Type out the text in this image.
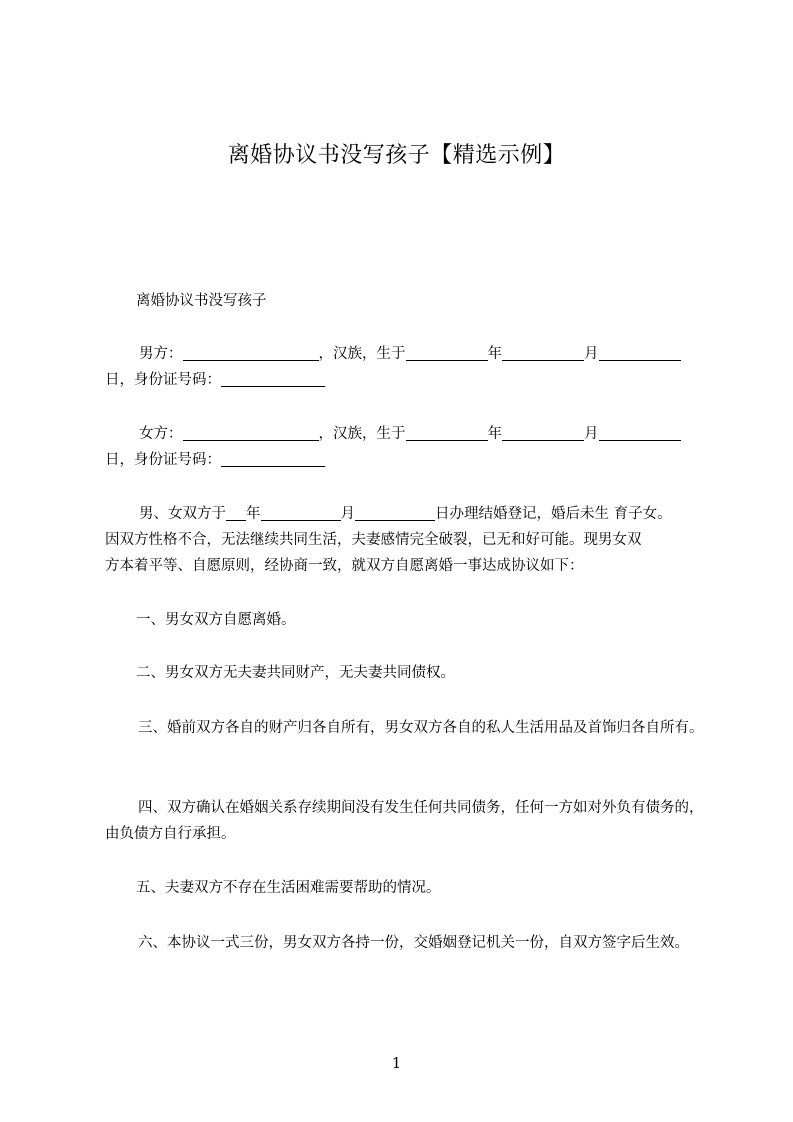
离婚协议书没写孩子【精选示例】

离婚协议书没写孩子

男方：	，汉族，生于	年	月
日，身份证号码：

女方：	，汉族，生于	年	月
日，身份证号码：

男、女双方于 年	月	日办理结婚登记，婚后未生 育子女。
因双方性格不合，无法继续共同生活，夫妻感情完全破裂，已无和好可能。现男女双
方本着平等、自愿原则，经协商一致，就双方自愿离婚一事达成协议如下：

一、男女双方自愿离婚。

二、男女双方无夫妻共同财产，无夫妻共同债权。

三、婚前双方各自的财产归各自所有，男女双方各自的私人生活用品及首饰归各自所有。

四、双方确认在婚姻关系存续期间没有发生任何共同债务，任何一方如对外负有债务的，由负债方自行承担。

五、夫妻双方不存在生活困难需要帮助的情况。

六、本协议一式三份，男女双方各持一份，交婚姻登记机关一份，自双方签字后生效。

1
